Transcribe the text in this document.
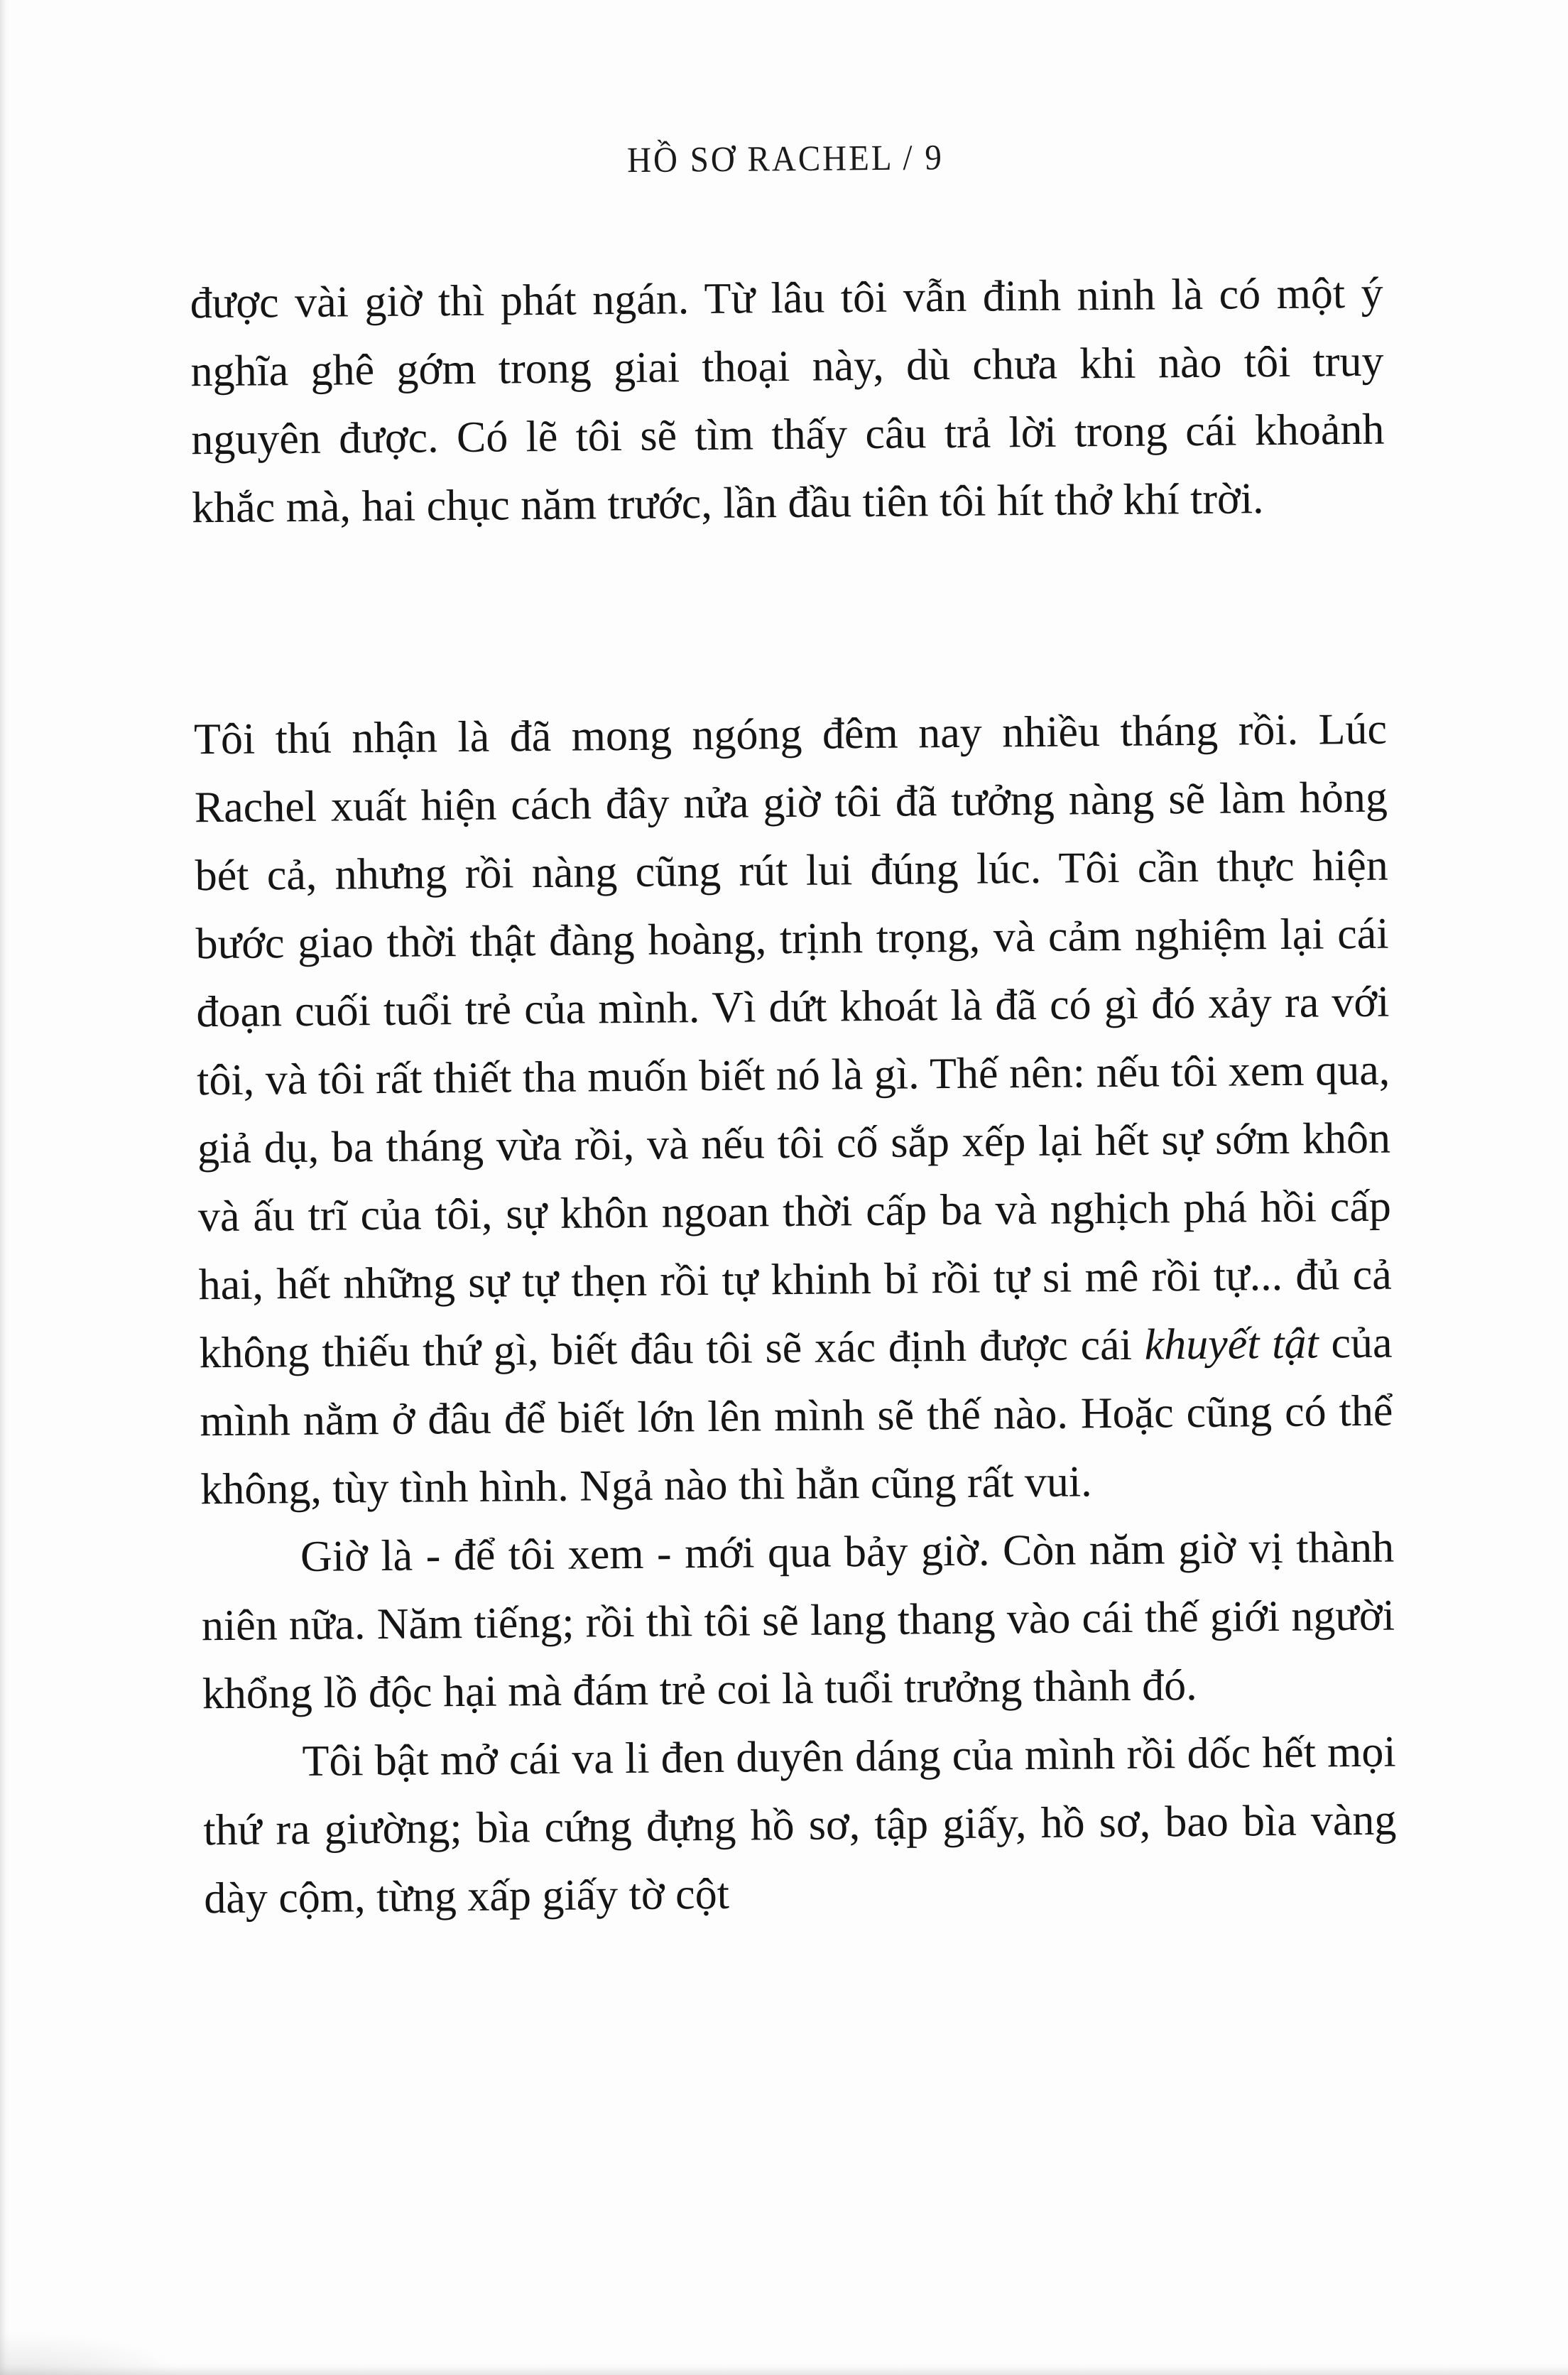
HỒ SƠ RACHEL / 9

được vài giờ thì phát ngán. Từ lâu tôi vẫn đinh ninh là có một ý nghĩa ghê gớm trong giai thoại này, dù chưa khi nào tôi truy nguyên được. Có lẽ tôi sẽ tìm thấy câu trả lời trong cái khoảnh khắc mà, hai chục năm trước, lần đầu tiên tôi hít thở khí trời.

Tôi thú nhận là đã mong ngóng đêm nay nhiều tháng rồi. Lúc Rachel xuất hiện cách đây nửa giờ tôi đã tưởng nàng sẽ làm hỏng bét cả, nhưng rồi nàng cũng rút lui đúng lúc. Tôi cần thực hiện bước giao thời thật đàng hoàng, trịnh trọng, và cảm nghiệm lại cái đoạn cuối tuổi trẻ của mình. Vì dứt khoát là đã có gì đó xảy ra với tôi, và tôi rất thiết tha muốn biết nó là gì. Thế nên: nếu tôi xem qua, giả dụ, ba tháng vừa rồi, và nếu tôi cố sắp xếp lại hết sự sớm khôn và ấu trĩ của tôi, sự khôn ngoan thời cấp ba và nghịch phá hồi cấp hai, hết những sự tự thẹn rồi tự khinh bỉ rồi tự si mê rồi tự... đủ cả không thiếu thứ gì, biết đâu tôi sẽ xác định được cái khuyết tật của mình nằm ở đâu để biết lớn lên mình sẽ thế nào. Hoặc cũng có thể không, tùy tình hình. Ngả nào thì hẳn cũng rất vui.

Giờ là - để tôi xem - mới qua bảy giờ. Còn năm giờ vị thành niên nữa. Năm tiếng; rồi thì tôi sẽ lang thang vào cái thế giới người khổng lồ độc hại mà đám trẻ coi là tuổi trưởng thành đó.

Tôi bật mở cái va li đen duyên dáng của mình rồi dốc hết mọi thứ ra giường; bìa cứng đựng hồ sơ, tập giấy, hồ sơ, bao bìa vàng dày cộm, từng xấp giấy tờ cột
